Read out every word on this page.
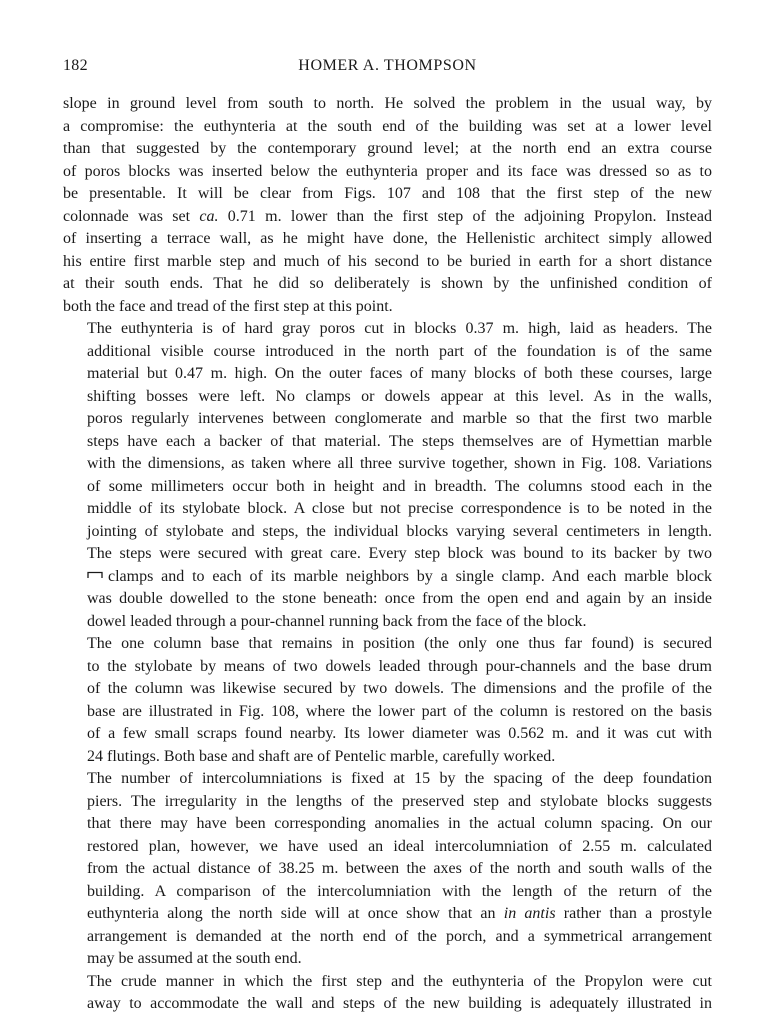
182	HOMER A. THOMPSON

slope in ground level from south to north. He solved the problem in the usual way, by
a compromise: the euthynteria at the south end of the building was set at a lower level
than that suggested by the contemporary ground level; at the north end an extra course
of poros blocks was inserted below the euthynteria proper and its face was dressed so as to
be presentable. It will be clear from Figs. 107 and 108 that the first step of the new
colonnade was set ca. 0.71 m. lower than the first step of the adjoining Propylon. Instead
of inserting a terrace wall, as he might have done, the Hellenistic architect simply allowed
his entire first marble step and much of his second to be buried in earth for a short distance
at their south ends. That he did so deliberately is shown by the unfinished condition of
both the face and tread of the first step at this point.

The euthynteria is of hard gray poros cut in blocks 0.37 m. high, laid as headers. The
additional visible course introduced in the north part of the foundation is of the same
material but 0.47 m. high. On the outer faces of many blocks of both these courses, large
shifting bosses were left. No clamps or dowels appear at this level. As in the walls,
poros regularly intervenes between conglomerate and marble so that the first two marble
steps have each a backer of that material. The steps themselves are of Hymettian marble
with the dimensions, as taken where all three survive together, shown in Fig. 108. Variations
of some millimeters occur both in height and in breadth. The columns stood each in the
middle of its stylobate block. A close but not precise correspondence is to be noted in the
jointing of stylobate and steps, the individual blocks varying several centimeters in length.
The steps were secured with great care. Every step block was bound to its backer by two
clamps and to each of its marble neighbors by a single clamp. And each marble block
was double dowelled to the stone beneath: once from the open end and again by an inside
dowel leaded through a pour-channel running back from the face of the block.

The one column base that remains in position (the only one thus far found) is secured
to the stylobate by means of two dowels leaded through pour-channels and the base drum
of the column was likewise secured by two dowels. The dimensions and the profile of the
base are illustrated in Fig. 108, where the lower part of the column is restored on the basis
of a few small scraps found nearby. Its lower diameter was 0.562 m. and it was cut with
24 flutings. Both base and shaft are of Pentelic marble, carefully worked.

The number of intercolumniations is fixed at 15 by the spacing of the deep foundation
piers. The irregularity in the lengths of the preserved step and stylobate blocks suggests
that there may have been corresponding anomalies in the actual column spacing. On our
restored plan, however, we have used an ideal intercolumniation of 2.55 m. calculated
from the actual distance of 38.25 m. between the axes of the north and south walls of the
building. A comparison of the intercolumniation with the length of the return of the
euthynteria along the north side will at once show that an in antis rather than a prostyle
arrangement is demanded at the north end of the porch, and a symmetrical arrangement
may be assumed at the south end.

The crude manner in which the first step and the euthynteria of the Propylon were cut
away to accommodate the wall and steps of the new building is adequately illustrated in
